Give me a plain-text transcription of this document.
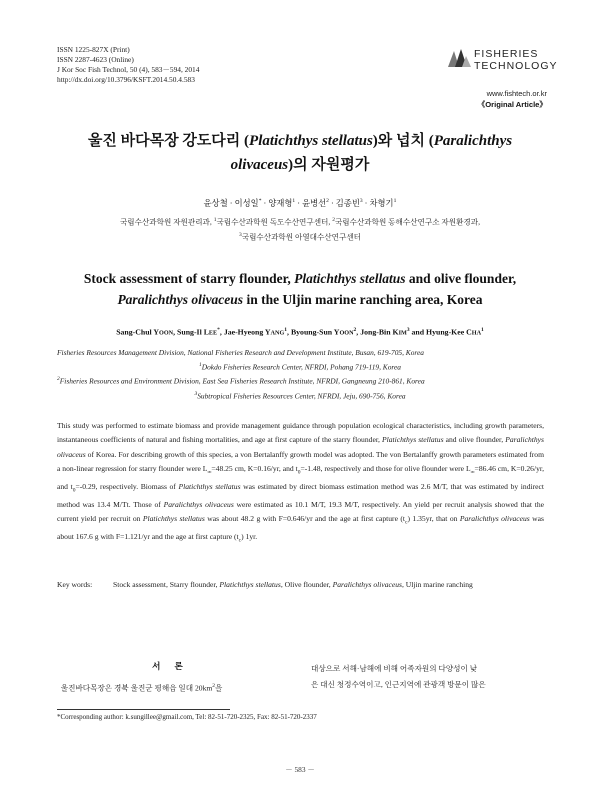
ISSN 1225-827X (Print)
ISSN 2287-4623 (Online)
J Kor Soc Fish Technol, 50 (4), 583－594, 2014
http://dx.doi.org/10.3796/KSFT.2014.50.4.583
FISHERIES
TECHNOLOGY
www.fishtech.or.kr
《Original Article》
울진 바다목장 강도다리 (Platichthys stellatus)와 넙치 (Paralichthys
olivaceus)의 자원평가
윤상철 · 이성일* · 양재형$^1$ · 윤병선$^2$ · 김종빈$^3$ · 차형기$^1$
국립수산과학원 자원관리과, $^1$국립수산과학원 독도수산연구센터, $^2$국립수산과학원 동해수산연구소 자원환경과,
$^3$국립수산과학원 아열대수산연구센터
Stock assessment of starry flounder, Platichthys stellatus and olive flounder,
Paralichthys olivaceus in the Uljin marine ranching area, Korea
Sang-Chul YOON, Sung-Il LEE*, Jae-Hyeong YANG$^1$, Byoung-Sun YOON$^2$, Jong-Bin KIM$^3$ and Hyung-Kee CHA$^1$
Fisheries Resources Management Division, National Fisheries Research and Development Institute, Busan, 619-705, Korea
$^1$Dokdo Fisheries Research Center, NFRDI, Pohang 719-119, Korea
$^2$Fisheries Resources and Environment Division, East Sea Fisheries Research Institute, NFRDI, Gangneung 210-861, Korea
$^3$Subtropical Fisheries Resources Center, NFRDI, Jeju, 690-756, Korea
This study was performed to estimate biomass and provide management guidance through population ecological characteristics, including growth parameters, instantaneous coefficients of natural and fishing mortalities, and age at first capture of the starry flounder, Platichthys stellatus and olive flounder, Paralichthys olivaceus of Korea. For describing growth of this species, a von Bertalanffy growth model was adopted. The von Bertalanffy growth parameters estimated from a non-linear regression for starry flounder were $L_\infty=48.25$ cm, K=0.16/yr, and $t_0=-1.48$, respectively and those for olive flounder were $L_\infty=86.46$ cm, K=0.26/yr, and $t_0=-0.29$, respectively. Biomass of Platichthys stellatus was estimated by direct biomass estimation method was 2.6 M/T, that was estimated by indirect method was 13.4 M/Tt. Those of Paralichthys olivaceus were estimated as 10.1 M/T, 19.3 M/T, respectively. An yield per recruit analysis showed that the current yield per recruit on Platichthys stellatus was about 48.2 g with F=0.646/yr and the age at first capture $(t_c)$ 1.35yr, that on Paralichthys olivaceus was about 167.6 g with F=1.121/yr and the age at first capture $(t_c)$ 1yr.
Key words:	Stock assessment, Starry flounder, Platichthys stellatus, Olive flounder, Paralichthys olivaceus, Uljin marine ranching
서 론
울진바다목장은 경북 울진군 평해읍 일대 $20km^2$을
대상으로 서해·남해에 비해 어족자원의 다양성이 낮
은 대신 청정수역이고, 인근지역에 관광객 방문이 많은
*Corresponding author: k.sungillee@gmail.com, Tel: 82-51-720-2325, Fax: 82-51-720-2337
－ 583 －
